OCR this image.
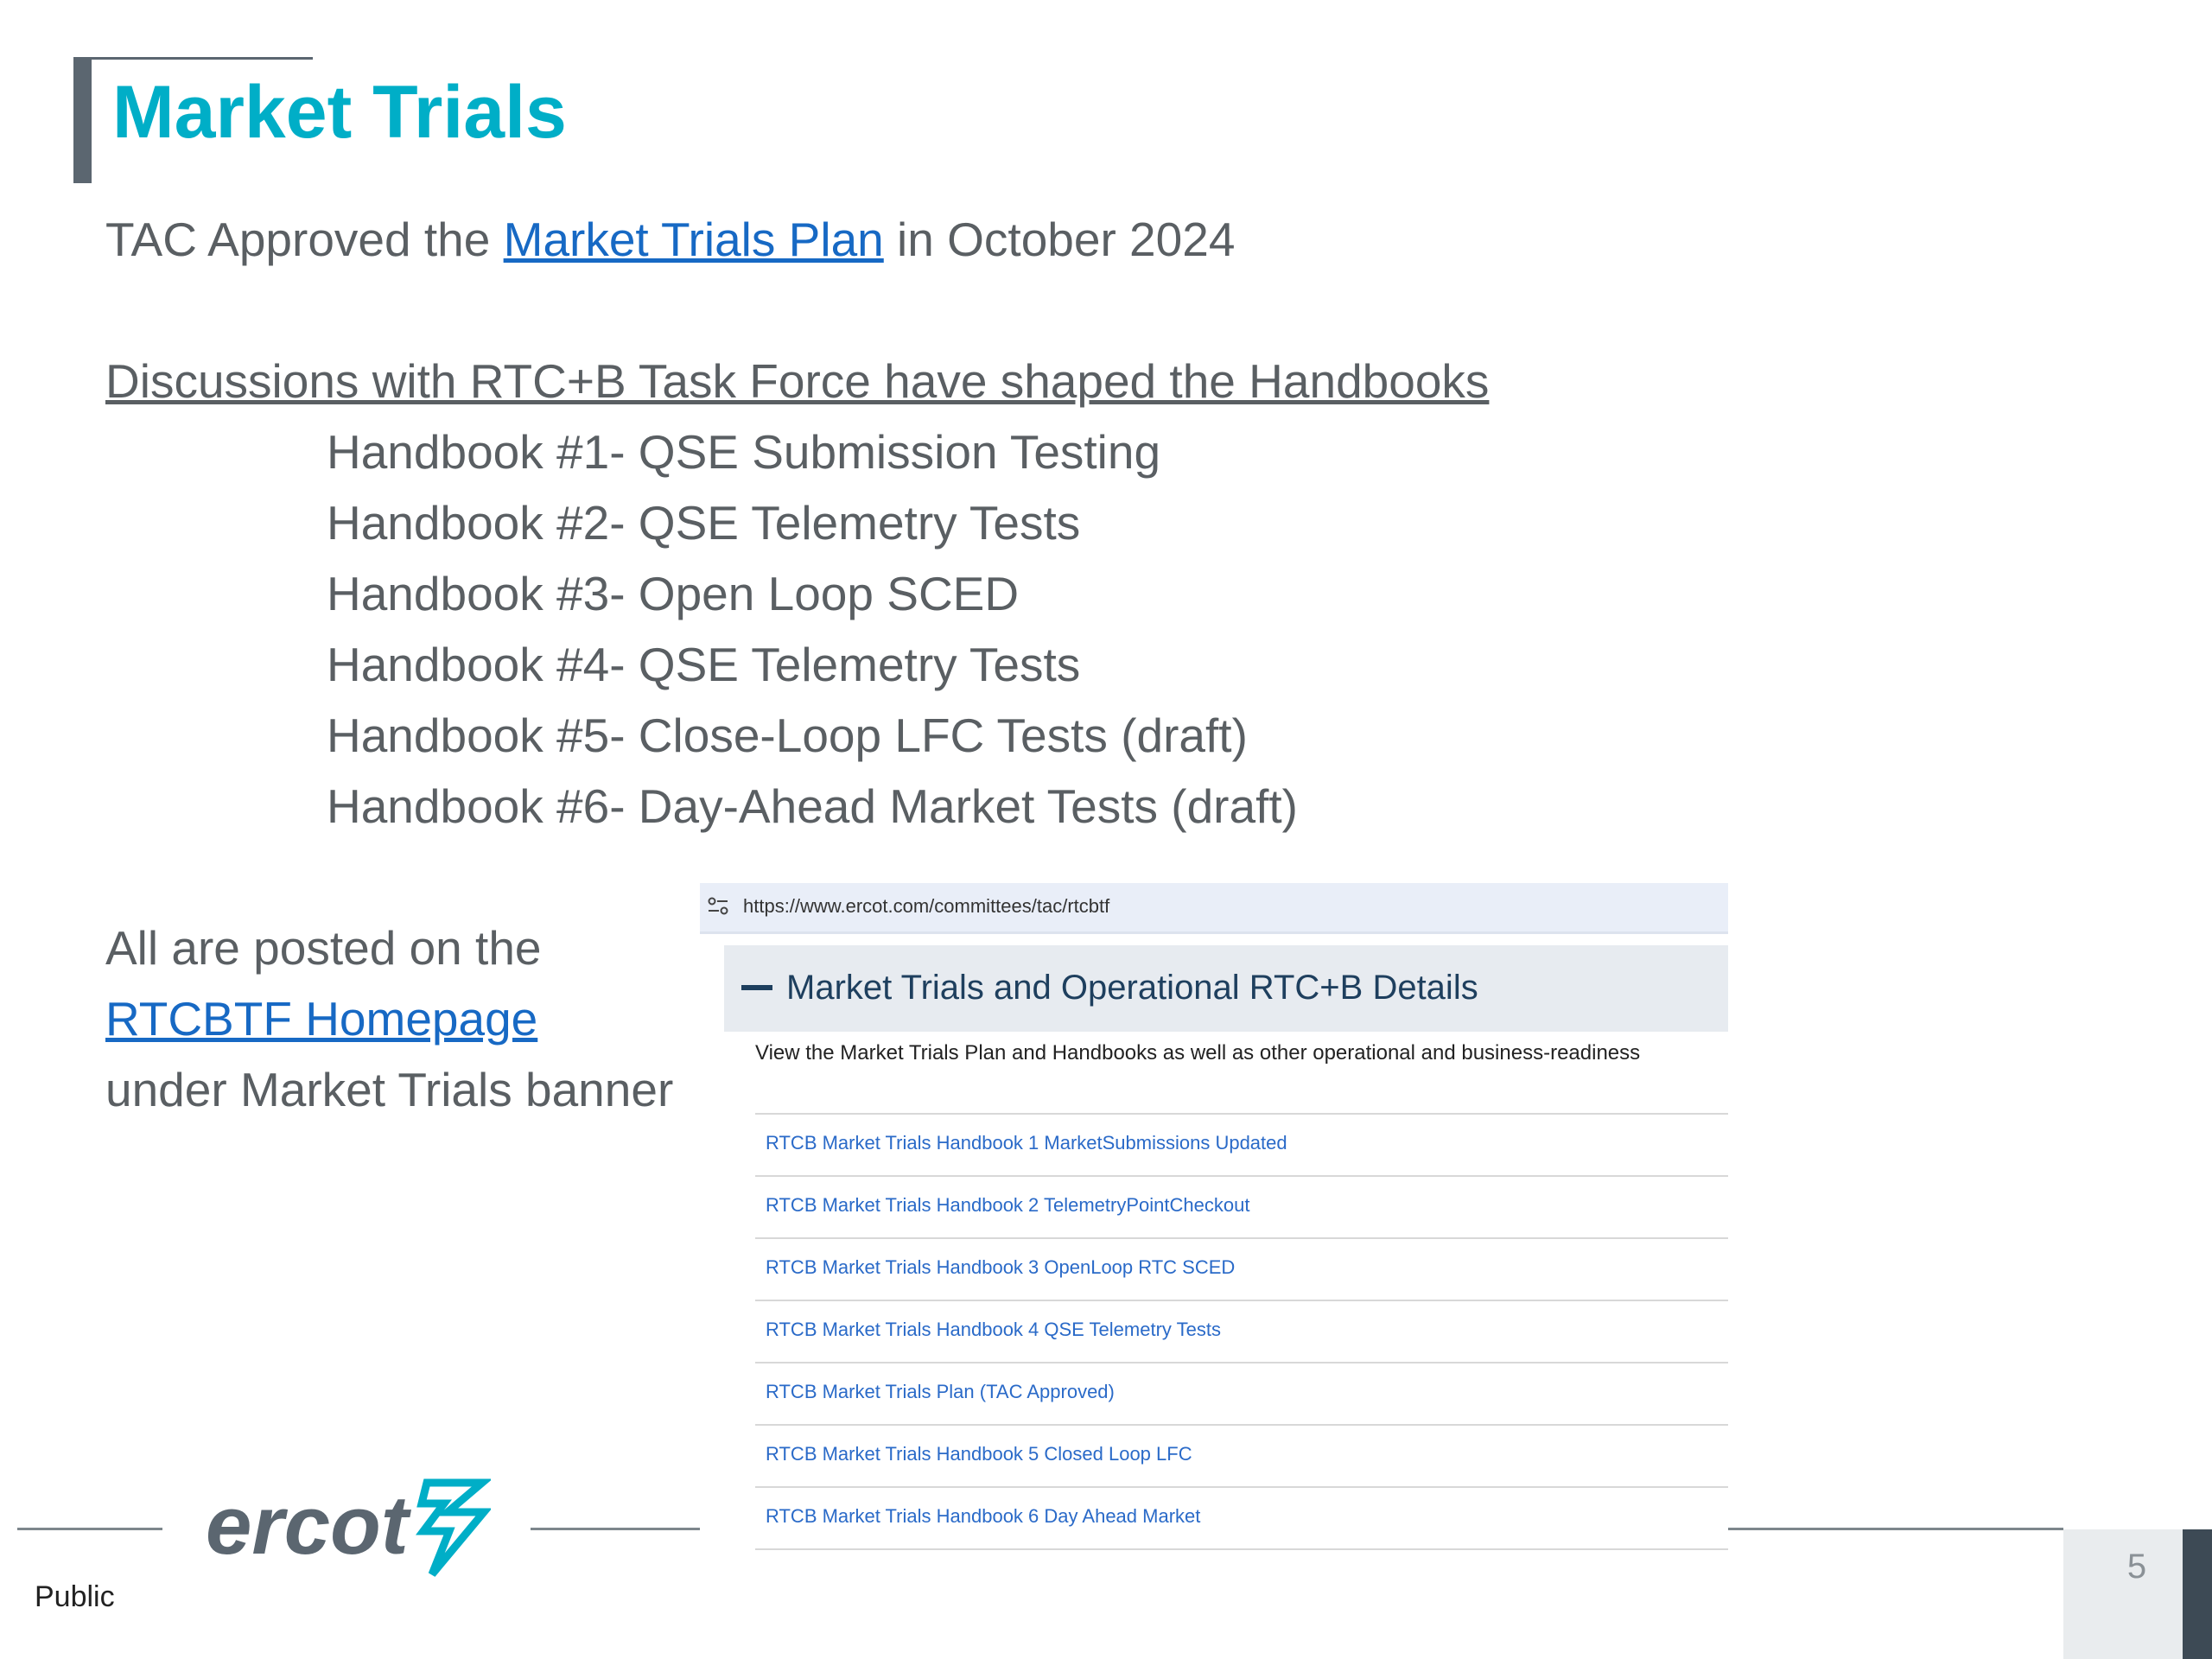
Market Trials
TAC Approved the Market Trials Plan in October 2024
Discussions with RTC+B Task Force have shaped the Handbooks
Handbook #1- QSE Submission Testing
Handbook #2- QSE Telemetry Tests
Handbook #3- Open Loop SCED
Handbook #4- QSE Telemetry Tests
Handbook #5- Close-Loop LFC Tests (draft)
Handbook #6- Day-Ahead Market Tests (draft)
All are posted on the
RTCBTF Homepage
under Market Trials banner
https://www.ercot.com/committees/tac/rtcbtf
Market Trials and Operational RTC+B Details
View the Market Trials Plan and Handbooks as well as other operational and business-readiness
RTCB Market Trials Handbook 1 MarketSubmissions Updated
RTCB Market Trials Handbook 2 TelemetryPointCheckout
RTCB Market Trials Handbook 3 OpenLoop RTC SCED
RTCB Market Trials Handbook 4 QSE Telemetry Tests
RTCB Market Trials Plan (TAC Approved)
RTCB Market Trials Handbook 5 Closed Loop LFC
RTCB Market Trials Handbook 6 Day Ahead Market
ercot
Public
5
